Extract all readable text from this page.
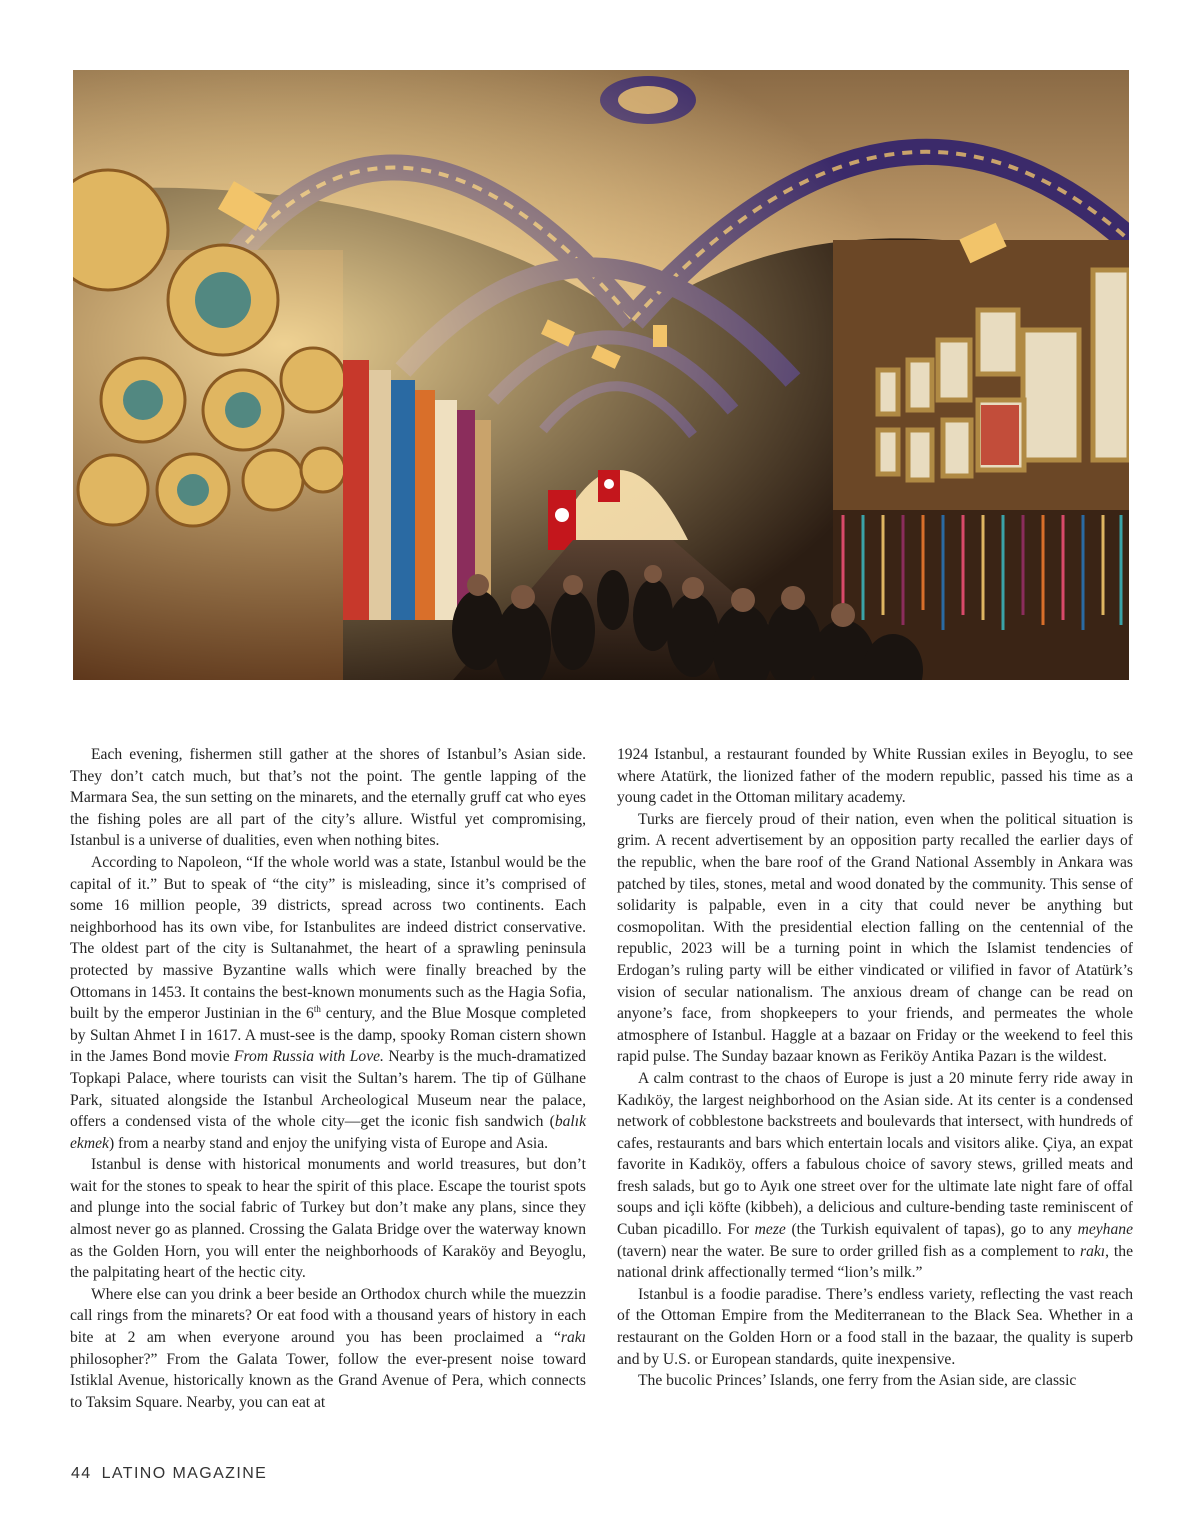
Each evening, fishermen still gather at the shores of Istanbul’s Asian side. They don’t catch much, but that’s not the point. The gentle lapping of the Marmara Sea, the sun setting on the minarets, and the eternally gruff cat who eyes the fishing poles are all part of the city’s allure. Wistful yet compromising, Istanbul is a universe of dualities, even when nothing bites.

According to Napoleon, “If the whole world was a state, Istanbul would be the capital of it.” But to speak of “the city” is misleading, since it’s comprised of some 16 million people, 39 districts, spread across two continents. Each neighborhood has its own vibe, for Istanbulites are indeed district conservative. The oldest part of the city is Sultanahmet, the heart of a sprawling peninsula protected by massive Byzantine walls which were finally breached by the Ottomans in 1453. It contains the best-known monuments such as the Hagia Sofia, built by the emperor Justinian in the 6th century, and the Blue Mosque completed by Sultan Ahmet I in 1617. A must-see is the damp, spooky Roman cistern shown in the James Bond movie From Russia with Love. Nearby is the much-dramatized Topkapi Palace, where tourists can visit the Sultan’s harem. The tip of Gülhane Park, situated alongside the Istanbul Archeological Museum near the palace, offers a condensed vista of the whole city—get the iconic fish sandwich (balık ekmek) from a nearby stand and enjoy the unifying vista of Europe and Asia.

Istanbul is dense with historical monuments and world treasures, but don’t wait for the stones to speak to hear the spirit of this place. Escape the tourist spots and plunge into the social fabric of Turkey but don’t make any plans, since they almost never go as planned. Crossing the Galata Bridge over the waterway known as the Golden Horn, you will enter the neighborhoods of Karaköy and Beyoglu, the palpitating heart of the hectic city.

Where else can you drink a beer beside an Orthodox church while the muezzin call rings from the minarets? Or eat food with a thousand years of history in each bite at 2 am when everyone around you has been proclaimed a “rakı philosopher?” From the Galata Tower, follow the ever-present noise toward Istiklal Avenue, historically known as the Grand Avenue of Pera, which connects to Taksim Square. Nearby, you can eat at

1924 Istanbul, a restaurant founded by White Russian exiles in Beyoglu, to see where Atatürk, the lionized father of the modern republic, passed his time as a young cadet in the Ottoman military academy.

Turks are fiercely proud of their nation, even when the political situation is grim. A recent advertisement by an opposition party recalled the earlier days of the republic, when the bare roof of the Grand National Assembly in Ankara was patched by tiles, stones, metal and wood donated by the community. This sense of solidarity is palpable, even in a city that could never be anything but cosmopolitan. With the presidential election falling on the centennial of the republic, 2023 will be a turning point in which the Islamist tendencies of Erdogan’s ruling party will be either vindicated or vilified in favor of Atatürk’s vision of secular nationalism. The anxious dream of change can be read on anyone’s face, from shopkeepers to your friends, and permeates the whole atmosphere of Istanbul. Haggle at a bazaar on Friday or the weekend to feel this rapid pulse. The Sunday bazaar known as Feriköy Antika Pazarı is the wildest.

A calm contrast to the chaos of Europe is just a 20 minute ferry ride away in Kadıköy, the largest neighborhood on the Asian side. At its center is a condensed network of cobblestone backstreets and boulevards that intersect, with hundreds of cafes, restaurants and bars which entertain locals and visitors alike. Çiya, an expat favorite in Kadıköy, offers a fabulous choice of savory stews, grilled meats and fresh salads, but go to Ayık one street over for the ultimate late night fare of offal soups and içli köfte (kibbeh), a delicious and culture-bending taste reminiscent of Cuban picadillo. For meze (the Turkish equivalent of tapas), go to any meyhane (tavern) near the water. Be sure to order grilled fish as a complement to rakı, the national drink affectionally termed “lion’s milk.”

Istanbul is a foodie paradise. There’s endless variety, reflecting the vast reach of the Ottoman Empire from the Mediterranean to the Black Sea. Whether in a restaurant on the Golden Horn or a food stall in the bazaar, the quality is superb and by U.S. or European standards, quite inexpensive.

The bucolic Princes’ Islands, one ferry from the Asian side, are classic

44 LATINO MAGAZINE
